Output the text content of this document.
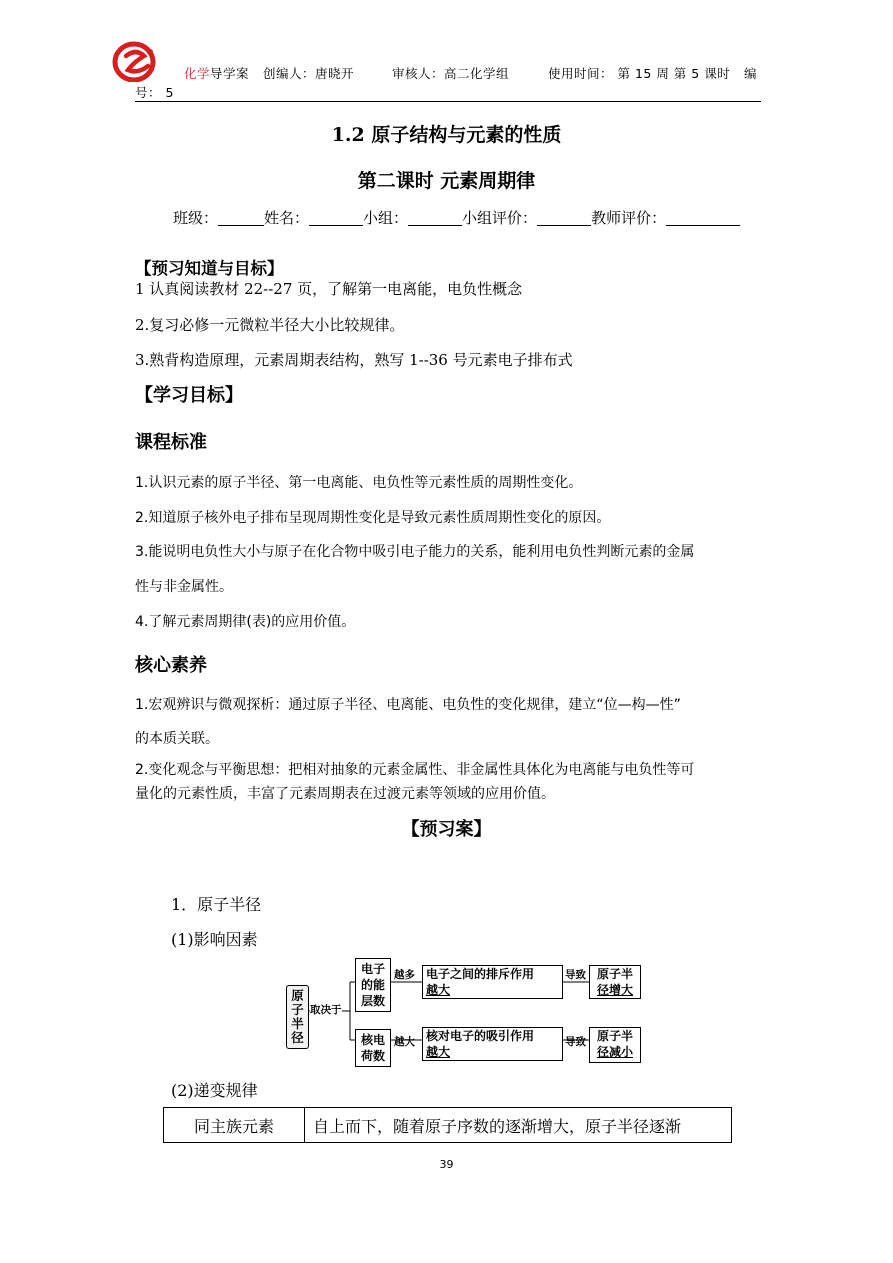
化学导学案 创编人：唐晓开	审核人：高二化学组	使用时间： 第 15 周 第 5 课时 编
号： 5
1.2 原子结构与元素的性质
第二课时 元素周期律
班级：	姓名：	小组：	小组评价：	教师评价：
【预习知道与目标】
1 认真阅读教材 22--27 页，了解第一电离能，电负性概念
2.复习必修一元微粒半径大小比较规律。
3.熟背构造原理，元素周期表结构，熟写 1--36 号元素电子排布式
【学习目标】
课程标准
1.认识元素的原子半径、第一电离能、电负性等元素性质的周期性变化。
2.知道原子核外电子排布呈现周期性变化是导致元素性质周期性变化的原因。
3.能说明电负性大小与原子在化合物中吸引电子能力的关系，能利用电负性判断元素的金属
性与非金属性。
4.了解元素周期律(表)的应用价值。
核心素养
1.宏观辨识与微观探析：通过原子半径、电离能、电负性的变化规律，建立“位—构—性”
的本质关联。
2.变化观念与平衡思想：把相对抽象的元素金属性、非金属性具体化为电离能与电负性等可
量化的元素性质，丰富了元素周期表在过渡元素等领域的应用价值。
【预习案】
1．原子半径
(1)影响因素
原
子
半
径
取决于
电子
的能
层数
越多 电子之间的排斥作用
越大
导致 原子半
径增大
核电
荷数
越大 核对电子的吸引作用
越大
导致 原子半
径减小
(2)递变规律
同主族元素	自上而下，随着原子序数的逐渐增大，原子半径逐渐
39
